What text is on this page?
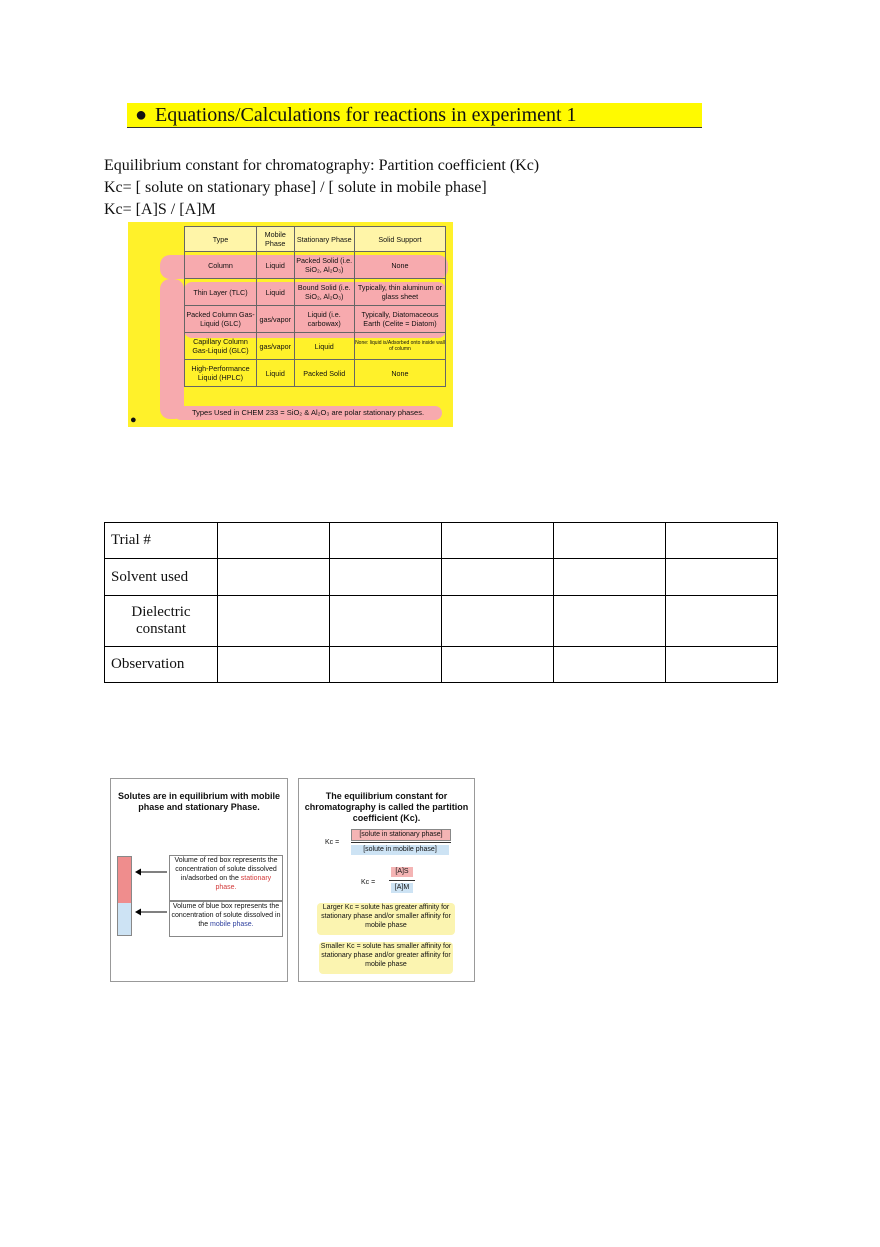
● Equations/Calculations for reactions in experiment 1
Equilibrium constant for chromatography: Partition coefficient (Kc)
Kc= [ solute on stationary phase] / [ solute in mobile phase]
Kc= [A]S / [A]M
Type	Mobile Phase	Stationary Phase	Solid Support
Column	Liquid	Packed Solid (i.e. SiO₂, Al₂O₃)	None
Thin Layer (TLC)	Liquid	Bound Solid (i.e. SiO₂, Al₂O₃)	Typically, thin aluminum or glass sheet
Packed Column Gas-Liquid (GLC)	gas/vapor	Liquid (i.e. carbowax)	Typically, Diatomaceous Earth (Celite = Diatom)
Capillary Column Gas-Liquid (GLC)	gas/vapor	Liquid	None: liquid is/Adsorbed onto inside wall of column
High-Performance Liquid (HPLC)	Liquid	Packed Solid	None
Types Used in CHEM 233 = SiO₂ & Al₂O₃ are polar stationary phases.
●
Trial #					
Solvent used					
Dielectric constant					
Observation					
Solutes are in equilibrium with mobile phase and stationary Phase.
Volume of red box represents the concentration of solute dissolved in/adsorbed on the stationary phase.
Volume of blue box represents the concentration of solute dissolved in the mobile phase.
The equilibrium constant for chromatography is called the partition coefficient (Kc).
Kc =
[solute in stationary phase]
[solute in mobile phase]
Kc =
[A]S
[A]M
Larger Kc = solute has greater affinity for stationary phase and/or smaller affinity for mobile phase
Smaller Kc = solute has smaller affinity for stationary phase and/or greater affinity for mobile phase
